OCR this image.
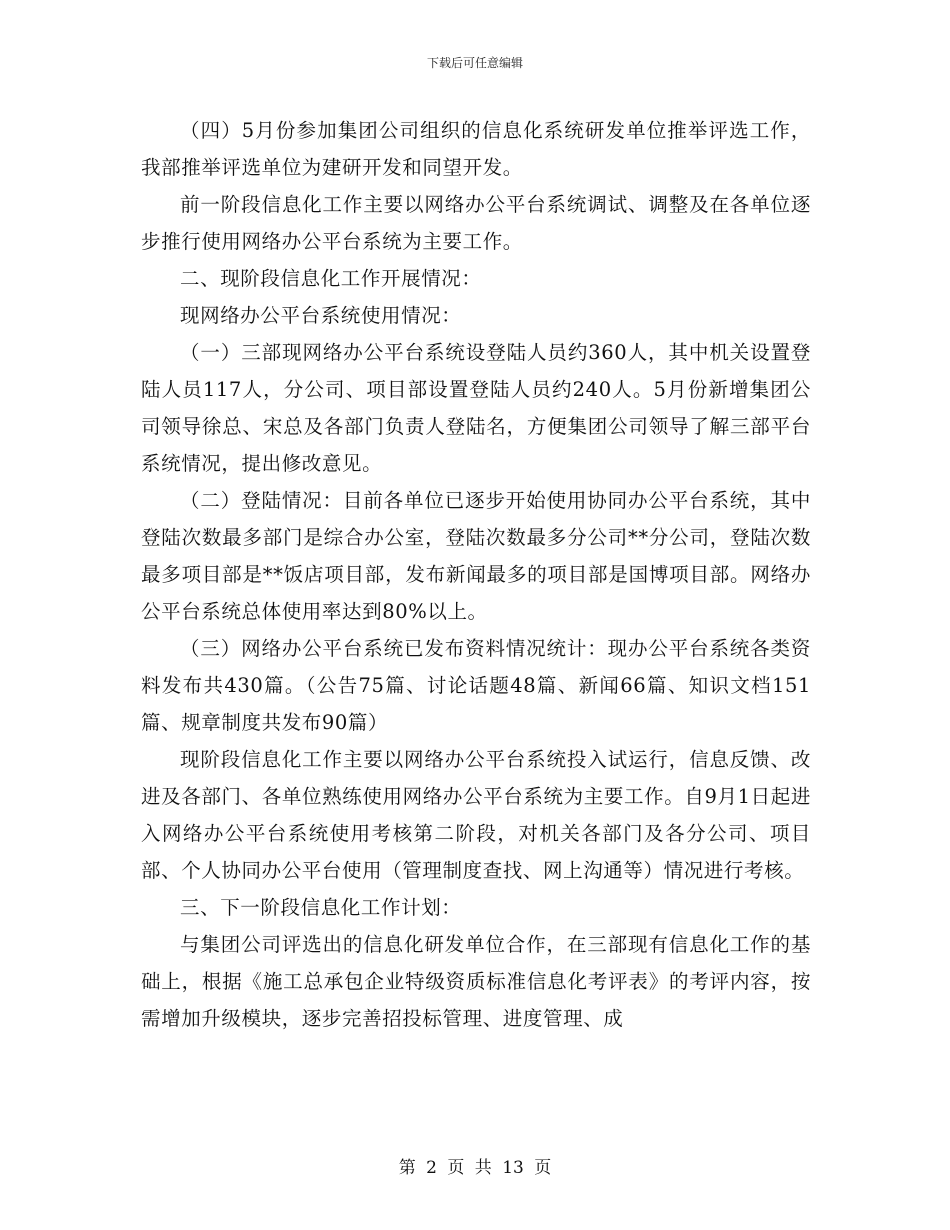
下载后可任意编辑

（四）5月份参加集团公司组织的信息化系统研发单位推举评选工作，我部推举评选单位为建研开发和同望开发。

前一阶段信息化工作主要以网络办公平台系统调试、调整及在各单位逐步推行使用网络办公平台系统为主要工作。

二、现阶段信息化工作开展情况：

现网络办公平台系统使用情况：

（一）三部现网络办公平台系统设登陆人员约360人，其中机关设置登陆人员117人，分公司、项目部设置登陆人员约240人。5月份新增集团公司领导徐总、宋总及各部门负责人登陆名，方便集团公司领导了解三部平台系统情况，提出修改意见。

（二）登陆情况：目前各单位已逐步开始使用协同办公平台系统，其中登陆次数最多部门是综合办公室，登陆次数最多分公司**分公司，登陆次数最多项目部是**饭店项目部，发布新闻最多的项目部是国博项目部。网络办公平台系统总体使用率达到80%以上。

（三）网络办公平台系统已发布资料情况统计：现办公平台系统各类资料发布共430篇。（公告75篇、讨论话题48篇、新闻66篇、知识文档151篇、规章制度共发布90篇）

现阶段信息化工作主要以网络办公平台系统投入试运行，信息反馈、改进及各部门、各单位熟练使用网络办公平台系统为主要工作。自9月1日起进入网络办公平台系统使用考核第二阶段，对机关各部门及各分公司、项目部、个人协同办公平台使用（管理制度查找、网上沟通等）情况进行考核。

三、下一阶段信息化工作计划：

与集团公司评选出的信息化研发单位合作，在三部现有信息化工作的基础上，根据《施工总承包企业特级资质标准信息化考评表》的考评内容，按需增加升级模块，逐步完善招投标管理、进度管理、成

第 2 页 共 13 页
